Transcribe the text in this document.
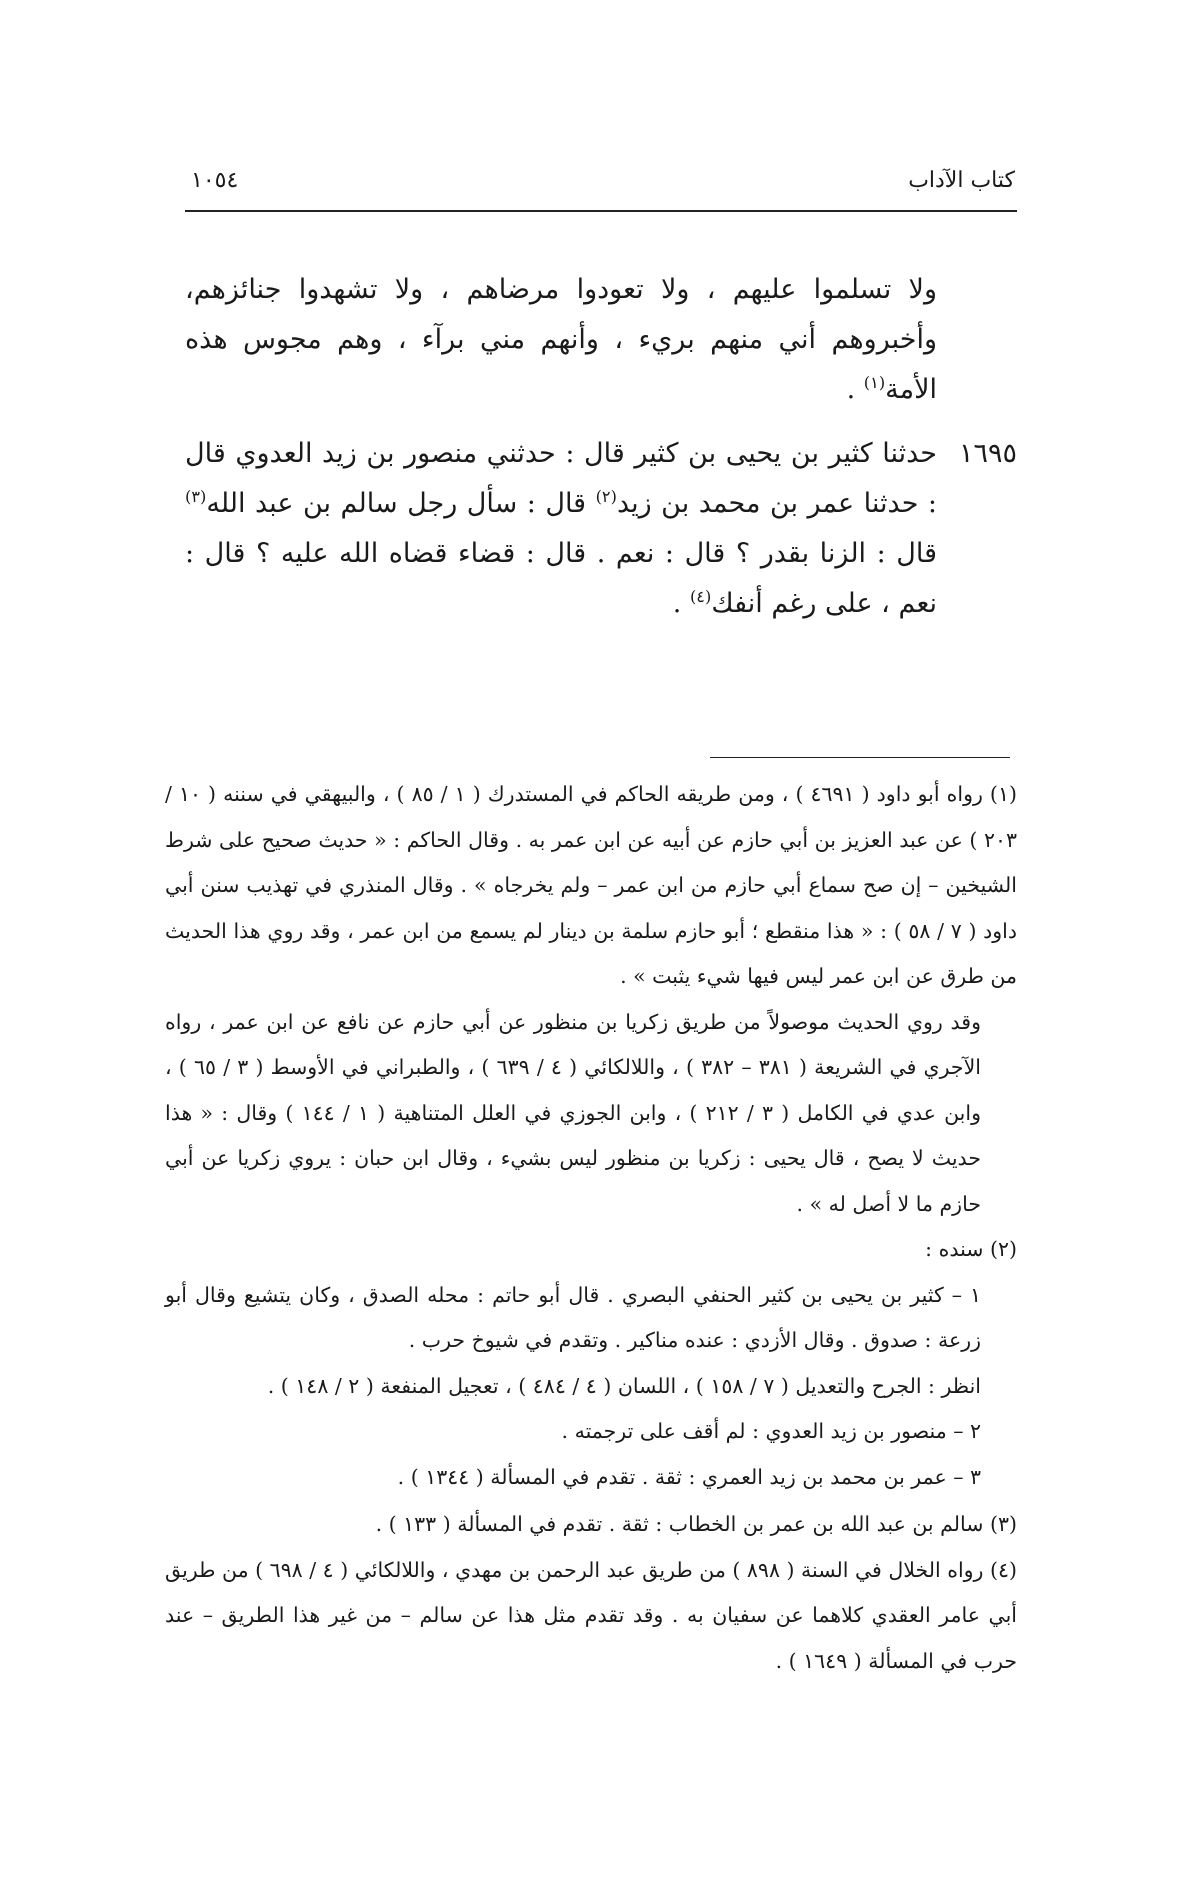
كتاب الآداب
١٠٥٤

ولا تسلموا عليهم ، ولا تعودوا مرضاهم ، ولا تشهدوا جنائزهم، وأخبروهم أني منهم بريء ، وأنهم مني برآء ، وهم مجوس هذه الأمة$^{(١)}$ .

١٦٩٥
حدثنا كثير بن يحيى بن كثير قال : حدثني منصور بن زيد العدوي قال : حدثنا عمر بن محمد بن زيد$^{(٢)}$ قال : سأل رجل سالم بن عبد الله$^{(٣)}$ قال : الزنا بقدر ؟ قال : نعم . قال : قضاء قضاه الله عليه ؟ قال : نعم ، على رغم أنفك$^{(٤)}$ .

(١) رواه أبو داود ( ٤٦٩١ ) ، ومن طريقه الحاكم في المستدرك ( ١ / ٨٥ ) ، والبيهقي في سننه ( ١٠ / ٢٠٣ ) عن عبد العزيز بن أبي حازم عن أبيه عن ابن عمر به . وقال الحاكم : « حديث صحيح على شرط الشيخين – إن صح سماع أبي حازم من ابن عمر – ولم يخرجاه » . وقال المنذري في تهذيب سنن أبي داود ( ٧ / ٥٨ ) : « هذا منقطع ؛ أبو حازم سلمة بن دينار لم يسمع من ابن عمر ، وقد روي هذا الحديث من طرق عن ابن عمر ليس فيها شيء يثبت » .

وقد روي الحديث موصولاً من طريق زكريا بن منظور عن أبي حازم عن نافع عن ابن عمر ، رواه الآجري في الشريعة ( ٣٨١ – ٣٨٢ ) ، واللالكائي ( ٤ / ٦٣٩ ) ، والطبراني في الأوسط ( ٣ / ٦٥ ) ، وابن عدي في الكامل ( ٣ / ٢١٢ ) ، وابن الجوزي في العلل المتناهية ( ١ / ١٤٤ ) وقال : « هذا حديث لا يصح ، قال يحيى : زكريا بن منظور ليس بشيء ، وقال ابن حبان : يروي زكريا عن أبي حازم ما لا أصل له » .

(٢) سنده :

١ – كثير بن يحيى بن كثير الحنفي البصري . قال أبو حاتم : محله الصدق ، وكان يتشيع وقال أبو زرعة : صدوق . وقال الأزدي : عنده مناكير . وتقدم في شيوخ حرب .

انظر : الجرح والتعديل ( ٧ / ١٥٨ ) ، اللسان ( ٤ / ٤٨٤ ) ، تعجيل المنفعة ( ٢ / ١٤٨ ) .

٢ – منصور بن زيد العدوي : لم أقف على ترجمته .

٣ – عمر بن محمد بن زيد العمري : ثقة . تقدم في المسألة ( ١٣٤٤ ) .

(٣) سالم بن عبد الله بن عمر بن الخطاب : ثقة . تقدم في المسألة ( ١٣٣ ) .

(٤) رواه الخلال في السنة ( ٨٩٨ ) من طريق عبد الرحمن بن مهدي ، واللالكائي ( ٤ / ٦٩٨ ) من طريق أبي عامر العقدي كلاهما عن سفيان به . وقد تقدم مثل هذا عن سالم – من غير هذا الطريق – عند حرب في المسألة ( ١٦٤٩ ) .
